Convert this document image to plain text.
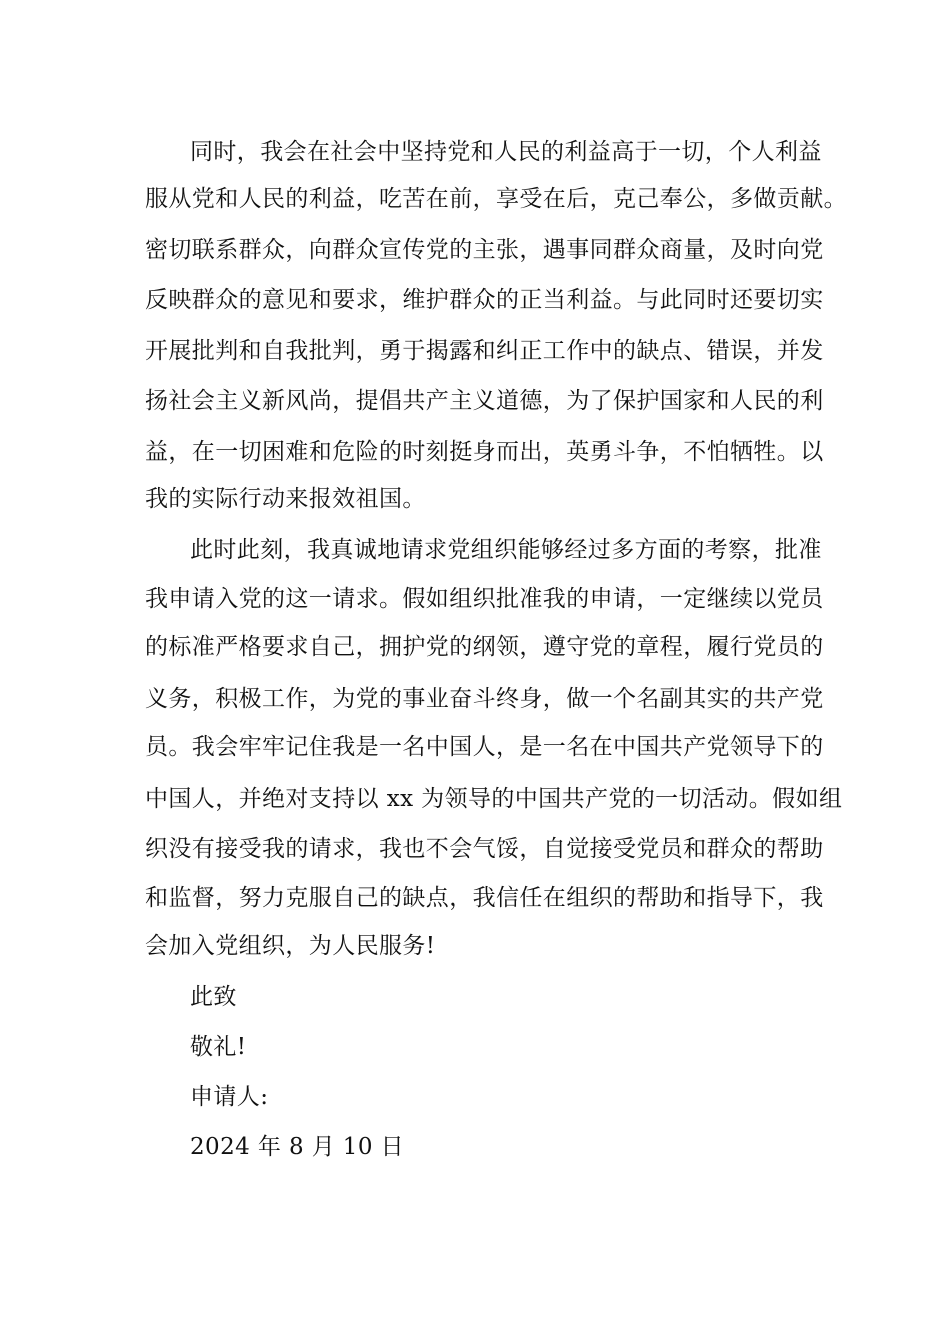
同时，我会在社会中坚持党和人民的利益高于一切，个人利益
服从党和人民的利益，吃苦在前，享受在后，克己奉公，多做贡献。
密切联系群众，向群众宣传党的主张，遇事同群众商量，及时向党
反映群众的意见和要求，维护群众的正当利益。与此同时还要切实
开展批判和自我批判，勇于揭露和纠正工作中的缺点、错误，并发
扬社会主义新风尚，提倡共产主义道德，为了保护国家和人民的利
益，在一切困难和危险的时刻挺身而出，英勇斗争，不怕牺牲。以
我的实际行动来报效祖国。
此时此刻，我真诚地请求党组织能够经过多方面的考察，批准
我申请入党的这一请求。假如组织批准我的申请，一定继续以党员
的标准严格要求自己，拥护党的纲领，遵守党的章程，履行党员的
义务，积极工作，为党的事业奋斗终身，做一个名副其实的共产党
员。我会牢牢记住我是一名中国人，是一名在中国共产党领导下的
中国人，并绝对支持以 xx 为领导的中国共产党的一切活动。假如组
织没有接受我的请求，我也不会气馁，自觉接受党员和群众的帮助
和监督，努力克服自己的缺点，我信任在组织的帮助和指导下，我
会加入党组织，为人民服务!
此致
敬礼!
申请人:
2024 年 8 月 10 日
